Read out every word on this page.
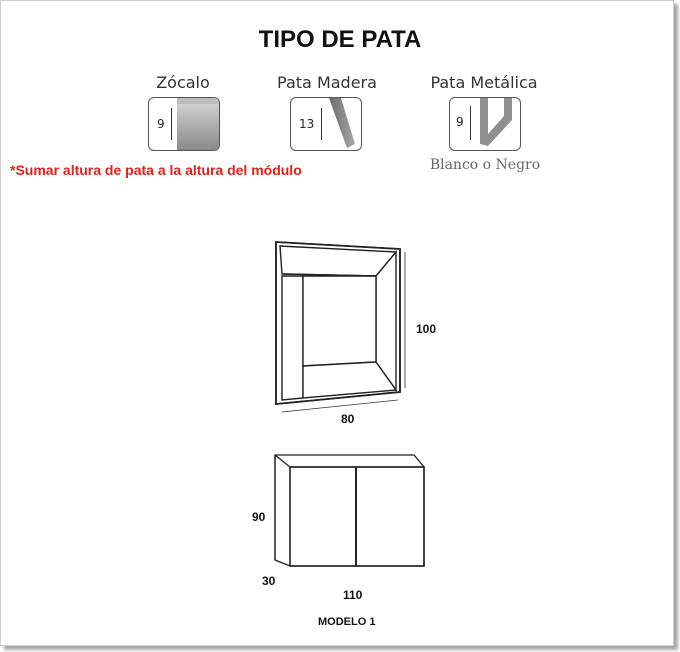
TIPO DE PATA
Zócalo
9
Pata Madera
13
Pata Metálica
9
Blanco o Negro
*Sumar altura de pata a la altura del módulo
100
80
90
30
110
MODELO 1
